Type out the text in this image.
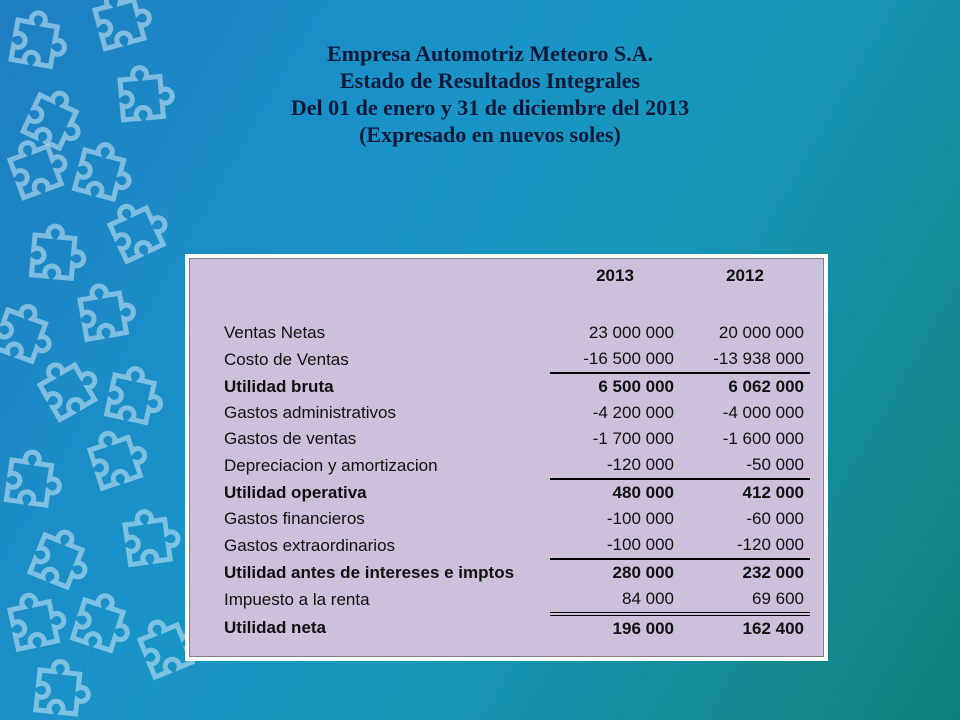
Empresa Automotriz Meteoro S.A.
Estado de Resultados Integrales
Del 01 de enero y 31 de diciembre del 2013
(Expresado en nuevos soles)
	2013	2012

Ventas Netas	23 000 000	20 000 000
Costo de Ventas	-16 500 000	-13 938 000
Utilidad bruta	6 500 000	6 062 000
Gastos administrativos	-4 200 000	-4 000 000
Gastos de ventas	-1 700 000	-1 600 000
Depreciacion y amortizacion	-120 000	-50 000
Utilidad operativa	480 000	412 000
Gastos financieros	-100 000	-60 000
Gastos extraordinarios	-100 000	-120 000
Utilidad antes de intereses e imptos	280 000	232 000
Impuesto a la renta	84 000	69 600
Utilidad neta	196 000	162 400
